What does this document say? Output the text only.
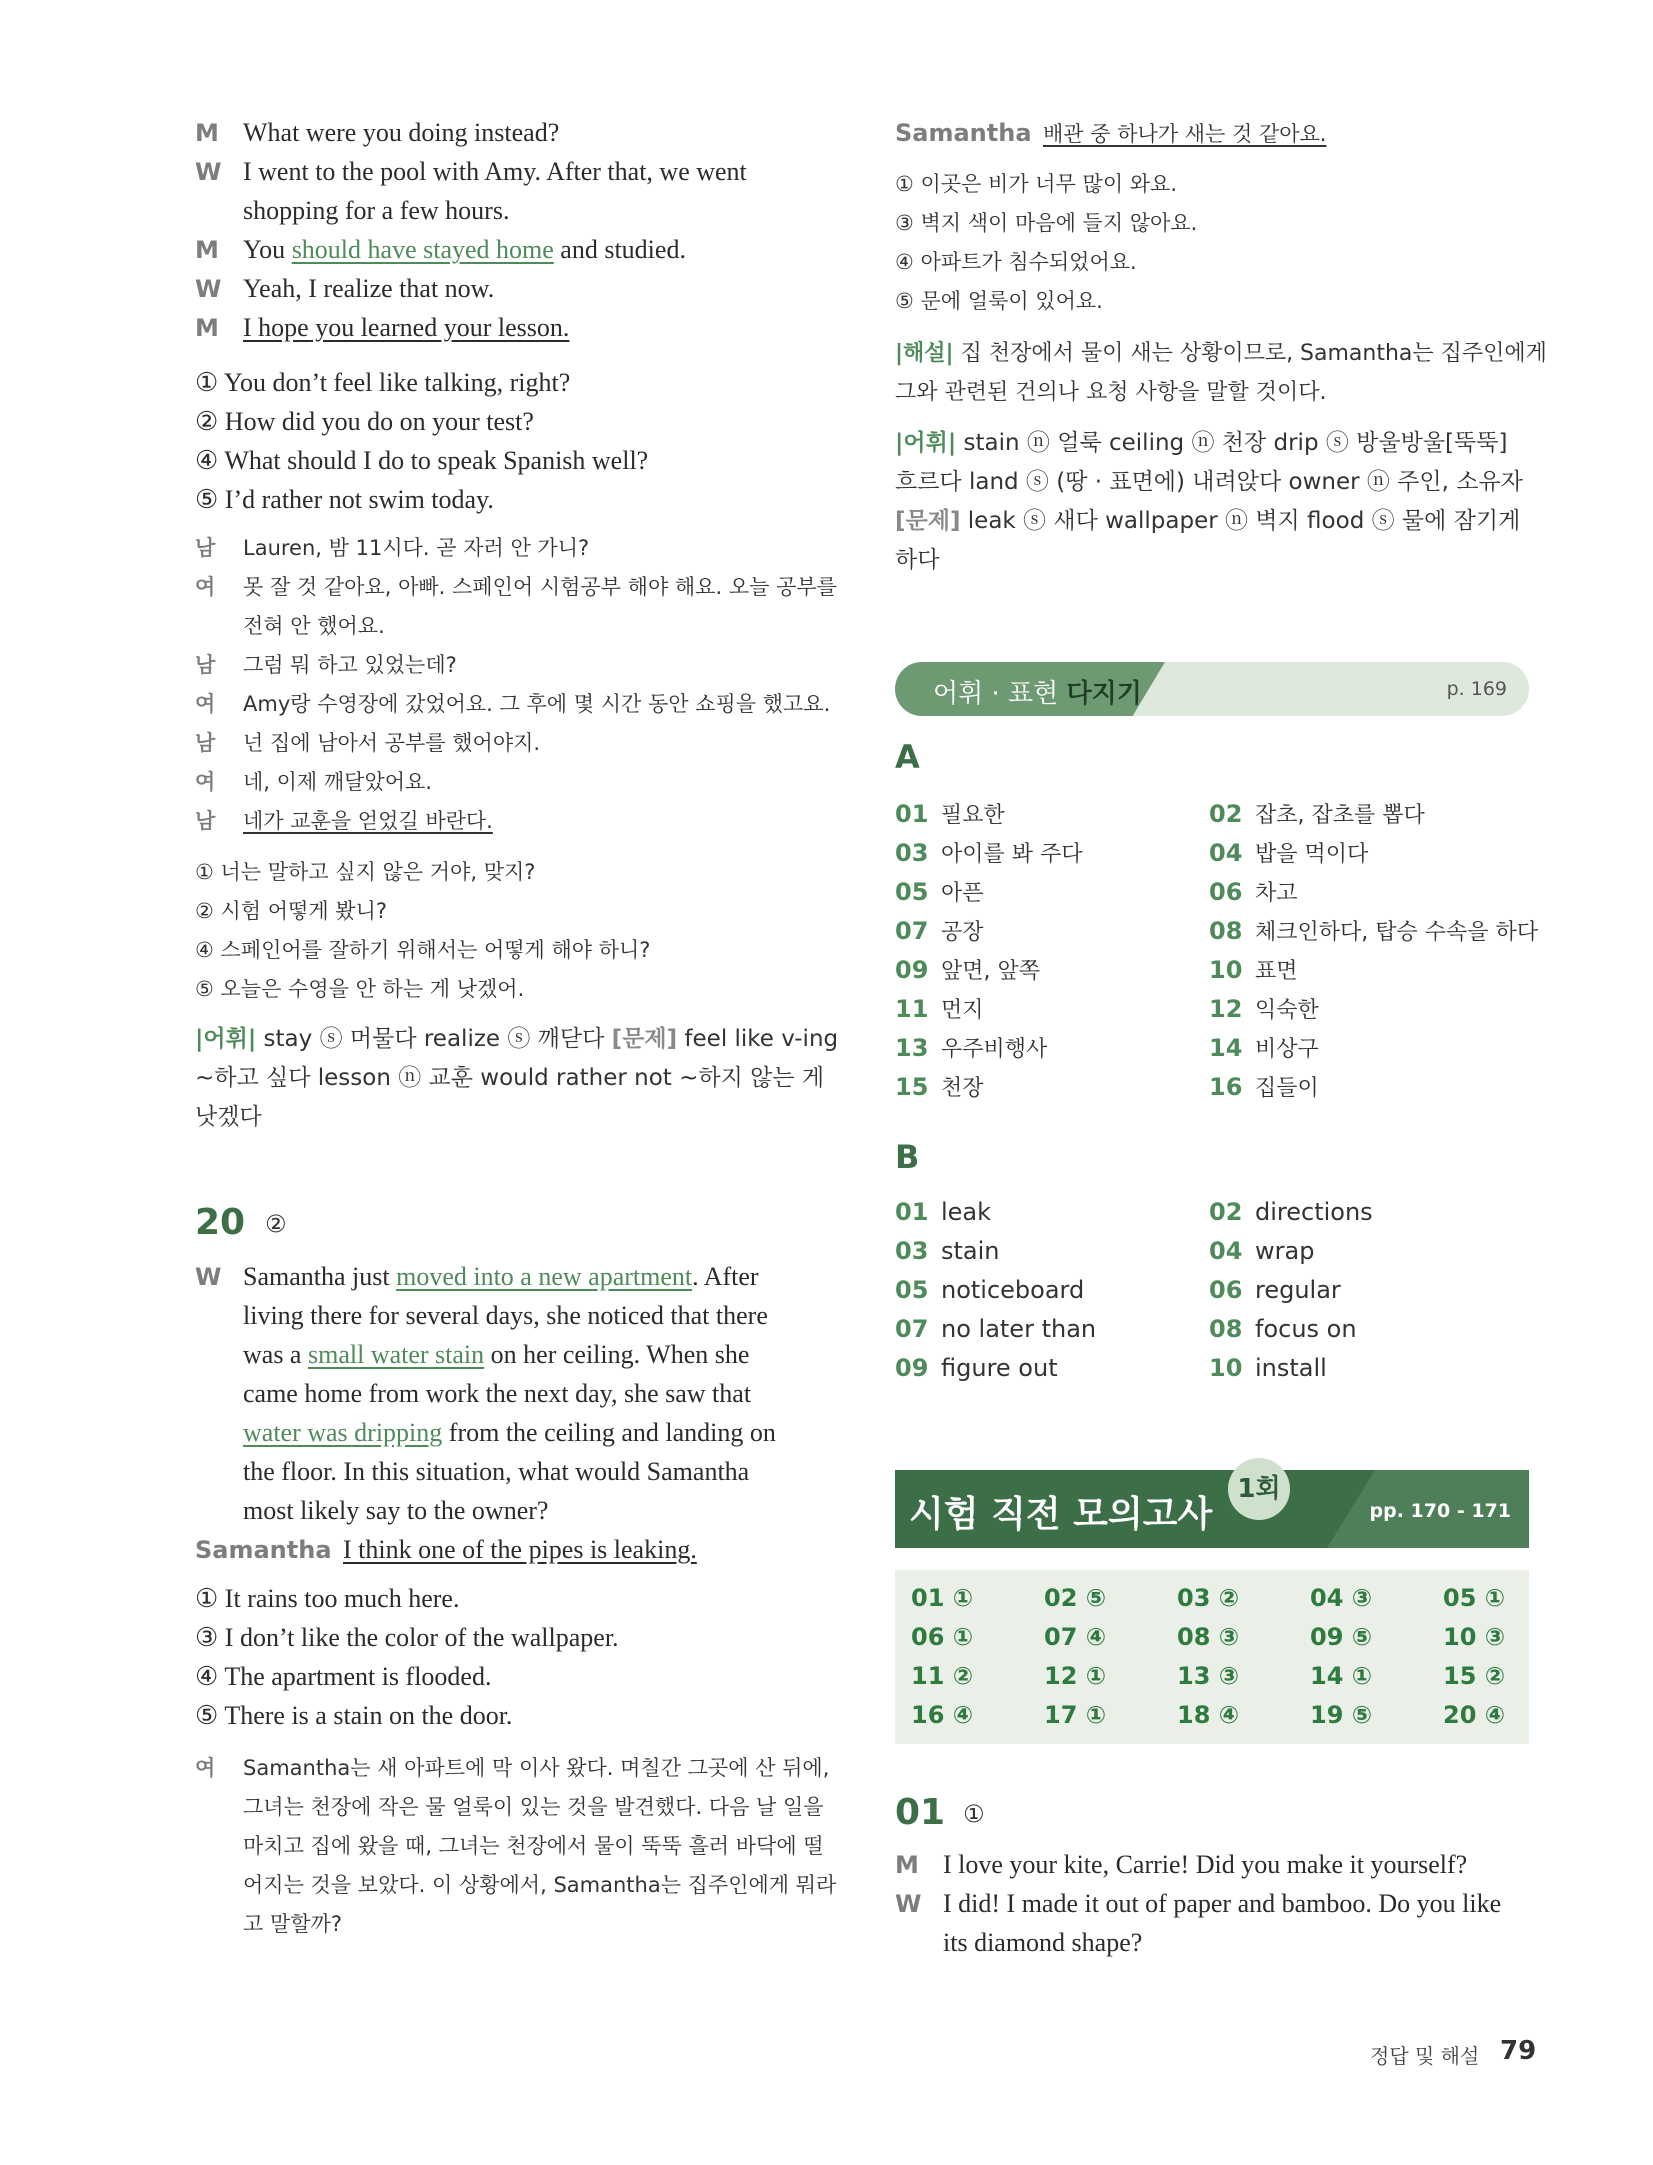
M What were you doing instead?
W I went to the pool with Amy. After that, we went
shopping for a few hours.
M You should have stayed home and studied.
W Yeah, I realize that now.
M I hope you learned your lesson.
① You don’t feel like talking, right?
② How did you do on your test?
④ What should I do to speak Spanish well?
⑤ I’d rather not swim today.
남 Lauren, 밤 11시다. 곧 자러 안 가니?
여 못 잘 것 같아요, 아빠. 스페인어 시험공부 해야 해요. 오늘 공부를
전혀 안 했어요.
남 그럼 뭐 하고 있었는데?
여 Amy랑 수영장에 갔었어요. 그 후에 몇 시간 동안 쇼핑을 했고요.
남 넌 집에 남아서 공부를 했어야지.
여 네, 이제 깨달았어요.
남 네가 교훈을 얻었길 바란다.
① 너는 말하고 싶지 않은 거야, 맞지?
② 시험 어떻게 봤니?
④ 스페인어를 잘하기 위해서는 어떻게 해야 하니?
⑤ 오늘은 수영을 안 하는 게 낫겠어.
|어휘| stay ⓢ 머물다 realize ⓢ 깨닫다 [문제] feel like v-ing
~하고 싶다 lesson ⓝ 교훈 would rather not ~하지 않는 게
낫겠다
20 ②
W Samantha just moved into a new apartment. After
living there for several days, she noticed that there
was a small water stain on her ceiling. When she
came home from work the next day, she saw that
water was dripping from the ceiling and landing on
the floor. In this situation, what would Samantha
most likely say to the owner?
Samantha I think one of the pipes is leaking.
① It rains too much here.
③ I don’t like the color of the wallpaper.
④ The apartment is flooded.
⑤ There is a stain on the door.
여 Samantha는 새 아파트에 막 이사 왔다. 며칠간 그곳에 산 뒤에,
그녀는 천장에 작은 물 얼룩이 있는 것을 발견했다. 다음 날 일을
마치고 집에 왔을 때, 그녀는 천장에서 물이 뚝뚝 흘러 바닥에 떨
어지는 것을 보았다. 이 상황에서, Samantha는 집주인에게 뭐라
고 말할까?
Samantha 배관 중 하나가 새는 것 같아요.
① 이곳은 비가 너무 많이 와요.
③ 벽지 색이 마음에 들지 않아요.
④ 아파트가 침수되었어요.
⑤ 문에 얼룩이 있어요.
|해설| 집 천장에서 물이 새는 상황이므로, Samantha는 집주인에게
그와 관련된 건의나 요청 사항을 말할 것이다.
|어휘| stain ⓝ 얼룩 ceiling ⓝ 천장 drip ⓢ 방울방울[뚝뚝]
흐르다 land ⓢ (땅 · 표면에) 내려앉다 owner ⓝ 주인, 소유자
[문제] leak ⓢ 새다 wallpaper ⓝ 벽지 flood ⓢ 물에 잠기게
하다
어휘 · 표현 다지기	p. 169
A
01 필요한	02 잡초, 잡초를 뽑다
03 아이를 봐 주다	04 밥을 먹이다
05 아픈	06 차고
07 공장	08 체크인하다, 탑승 수속을 하다
09 앞면, 앞쪽	10 표면
11 먼지	12 익숙한
13 우주비행사	14 비상구
15 천장	16 집들이
B
01 leak	02 directions
03 stain	04 wrap
05 noticeboard	06 regular
07 no later than	08 focus on
09 figure out	10 install
시험 직전 모의고사	pp. 170 - 171
1회
01 ①	02 ⑤	03 ②	04 ③	05 ①
06 ①	07 ④	08 ③	09 ⑤	10 ③
11 ②	12 ①	13 ③	14 ①	15 ②
16 ④	17 ①	18 ④	19 ⑤	20 ④
01 ①
M I love your kite, Carrie! Did you make it yourself?
W I did! I made it out of paper and bamboo. Do you like
its diamond shape?
정답 및 해설 79
